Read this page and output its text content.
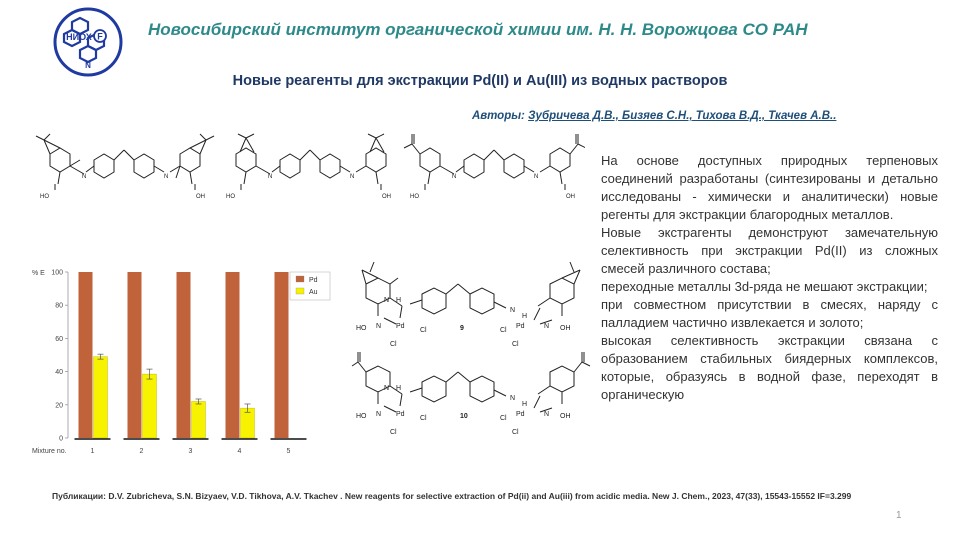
НИОХ F
N
Новосибирский институт органической химии им. Н. Н. Ворожцова СО РАН
Новые реагенты для экстракции Pd(II) и Au(III) из водных растворов
Авторы: Зубричева Д.В., Бизяев С.Н., Тихова В.Д., Ткачев А.В..
N	N
HO	OH
N	N
HO	OH
N	N
HO	OH

На основе доступных природных терпеновых соединений разработаны (синтезированы и детально исследованы - химически и аналитически) новые регенты для экстракции благородных металлов.

Новые экстрагенты демонструют замечательную селективность при экстракции Pd(II) из сложных смесей различного состава;

переходные металлы 3d-ряда не мешают экстракции;

при совместном присутствии в смесях, наряду с палладием частично извлекается и золото;

высокая селективность экстракции связана с образованием стабильных биядерных комплексов, которые, образуясь в водной фазе, переходят в органическую

0
20
40
60
80
100
1	2	3	4	5
% E
Mixture no.
Pd
Au
N H
HO N Pd
Cl
Cl
9
N
H
Pd
Cl
N OH
Cl
N H
HO N Pd
Cl
Cl
10
N
H
Pd
Cl
N OH
Cl
Публикации: D.V. Zubricheva, S.N. Bizyaev, V.D. Tikhova, A.V. Tkachev . New reagents for selective extraction of Pd(ii) and Au(iii) from acidic media. New J. Chem., 2023, 47(33), 15543-15552 IF=3.299
1
